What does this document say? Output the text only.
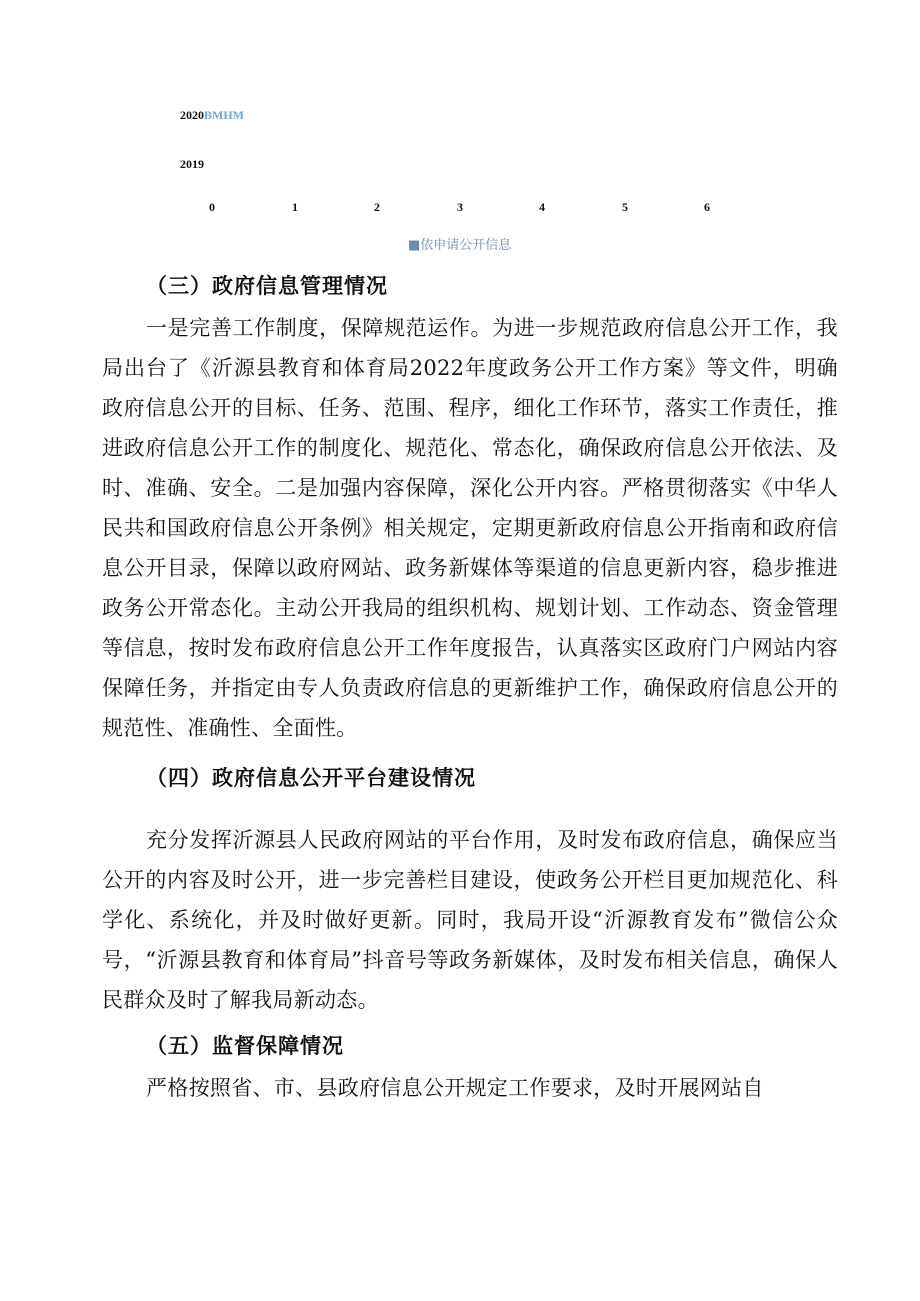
2020BMHM
2019
0	1	2	3	4	5	6
■依申请公开信息
（三）政府信息管理情况

一是完善工作制度，保障规范运作。为进一步规范政府信息公开工作，我局出台了《沂源县教育和体育局2022年度政务公开工作方案》等文件，明确政府信息公开的目标、任务、范围、程序，细化工作环节，落实工作责任，推进政府信息公开工作的制度化、规范化、常态化，确保政府信息公开依法、及时、准确、安全。二是加强内容保障，深化公开内容。严格贯彻落实《中华人民共和国政府信息公开条例》相关规定，定期更新政府信息公开指南和政府信息公开目录，保障以政府网站、政务新媒体等渠道的信息更新内容，稳步推进政务公开常态化。主动公开我局的组织机构、规划计划、工作动态、资金管理等信息，按时发布政府信息公开工作年度报告，认真落实区政府门户网站内容保障任务，并指定由专人负责政府信息的更新维护工作，确保政府信息公开的规范性、准确性、全面性。

（四）政府信息公开平台建设情况

充分发挥沂源县人民政府网站的平台作用，及时发布政府信息，确保应当公开的内容及时公开，进一步完善栏目建设，使政务公开栏目更加规范化、科学化、系统化，并及时做好更新。同时，我局开设“沂源教育发布”微信公众号，“沂源县教育和体育局”抖音号等政务新媒体，及时发布相关信息，确保人民群众及时了解我局新动态。

（五）监督保障情况

严格按照省、市、县政府信息公开规定工作要求，及时开展网站自
